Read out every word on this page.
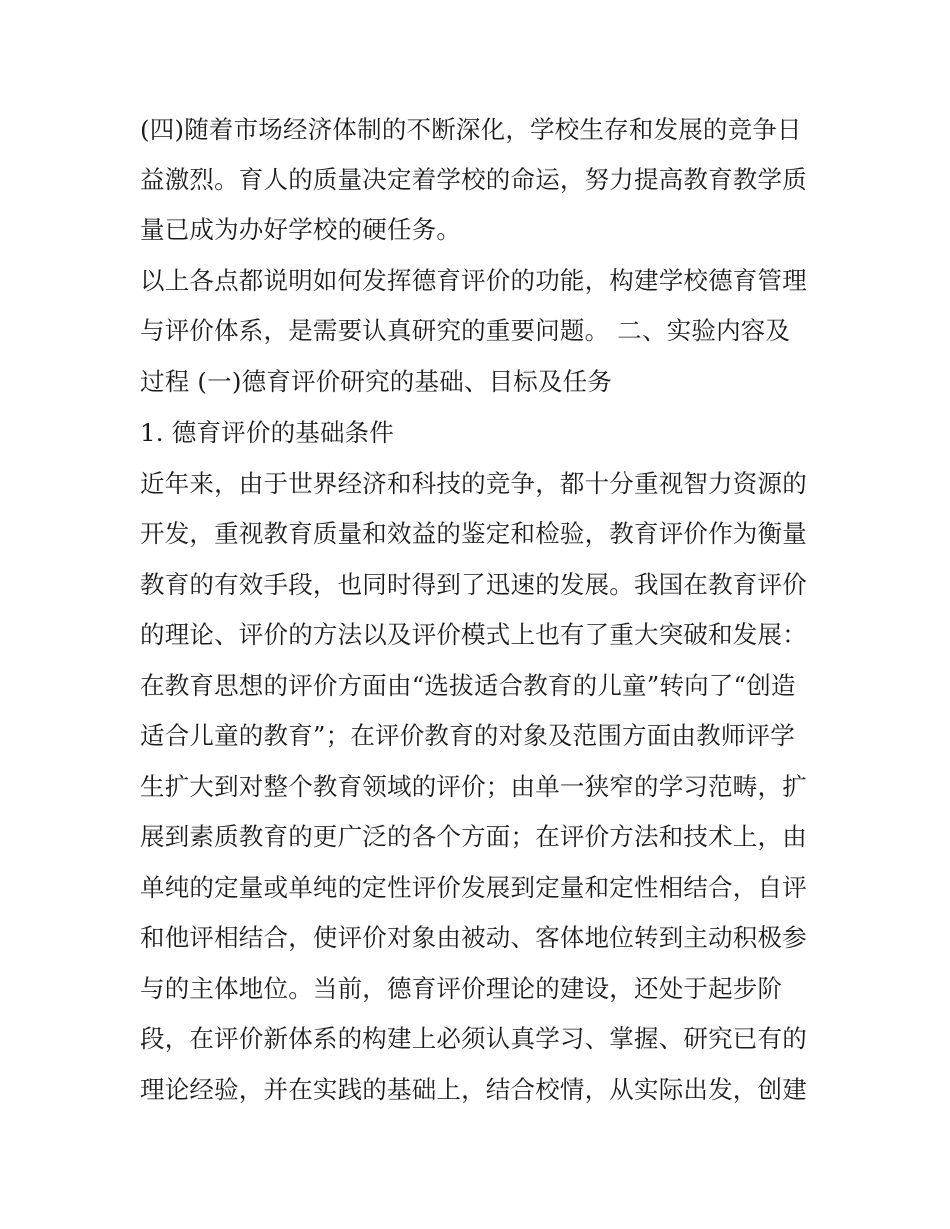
(四)随着市场经济体制的不断深化，学校生存和发展的竞争日
益激烈。育人的质量决定着学校的命运，努力提高教育教学质
量已成为办好学校的硬任务。
以上各点都说明如何发挥德育评价的功能，构建学校德育管理
与评价体系，是需要认真研究的重要问题。 二、实验内容及
过程 (一)德育评价研究的基础、目标及任务
1. 德育评价的基础条件
近年来，由于世界经济和科技的竞争，都十分重视智力资源的
开发，重视教育质量和效益的鉴定和检验，教育评价作为衡量
教育的有效手段，也同时得到了迅速的发展。我国在教育评价
的理论、评价的方法以及评价模式上也有了重大突破和发展：
在教育思想的评价方面由“选拔适合教育的儿童”转向了“创造
适合儿童的教育”；在评价教育的对象及范围方面由教师评学
生扩大到对整个教育领域的评价；由单一狭窄的学习范畴，扩
展到素质教育的更广泛的各个方面；在评价方法和技术上，由
单纯的定量或单纯的定性评价发展到定量和定性相结合，自评
和他评相结合，使评价对象由被动、客体地位转到主动积极参
与的主体地位。当前，德育评价理论的建设，还处于起步阶
段，在评价新体系的构建上必须认真学习、掌握、研究已有的
理论经验，并在实践的基础上，结合校情，从实际出发，创建
